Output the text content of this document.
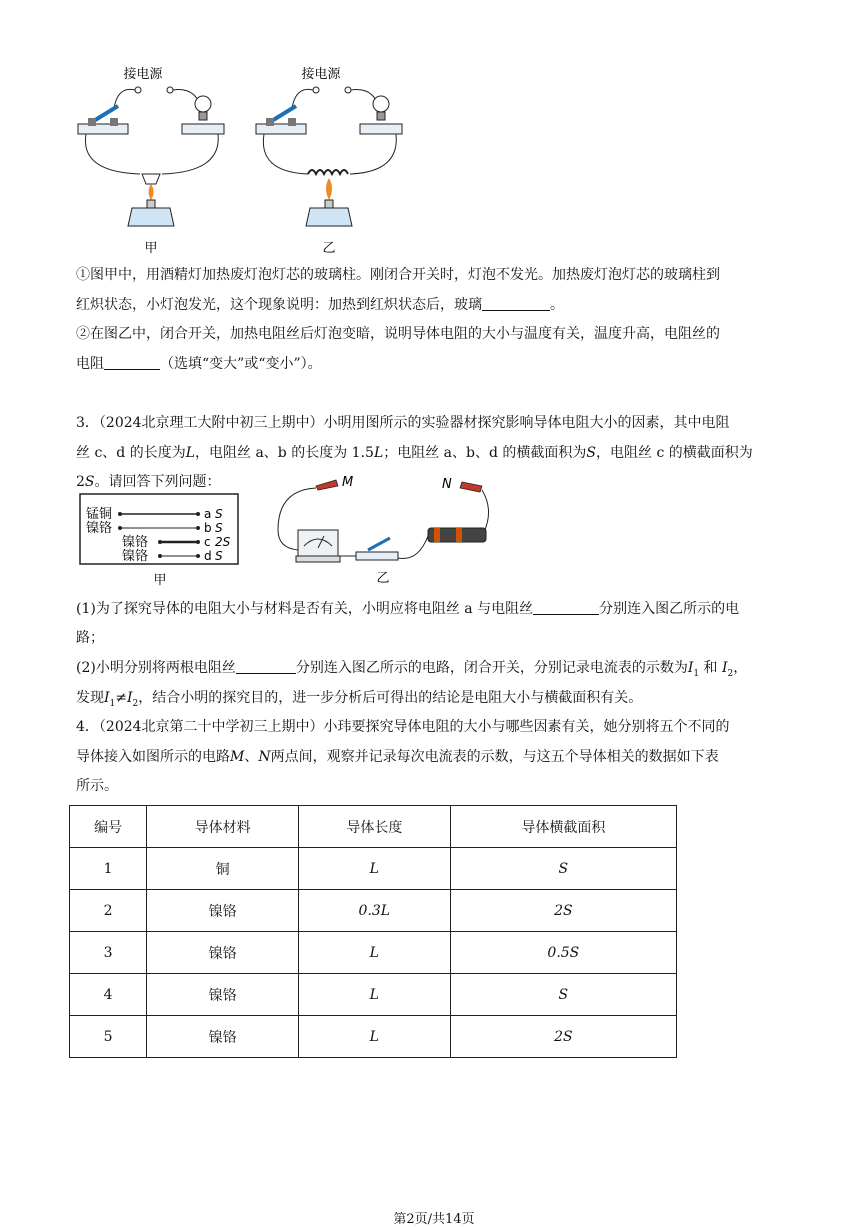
接电源
甲
接电源
乙
①图甲中，用酒精灯加热废灯泡灯芯的玻璃柱。刚闭合开关时，灯泡不发光。加热废灯泡灯芯的玻璃柱到
红炽状态，小灯泡发光，这个现象说明：加热到红炽状态后，玻璃	。
②在图乙中，闭合开关，加热电阻丝后灯泡变暗，说明导体电阻的大小与温度有关，温度升高，电阻丝的
电阻	（选填“变大”或“变小”）。
3．（2024北京理工大附中初三上期中）小明用图所示的实验器材探究影响导体电阻大小的因素，其中电阻
丝 c、d 的长度为L，电阻丝 a、b 的长度为 1.5L；电阻丝 a、b、d 的横截面积为S，电阻丝 c 的横截面积为
2S。请回答下列问题：
锰铜	a S
镍铬	b S
镍铬	c 2S
镍铬	d S
甲
M	N
乙
(1)为了探究导体的电阻大小与材料是否有关，小明应将电阻丝 a 与电阻丝	分别连入图乙所示的电
路；
(2)小明分别将两根电阻丝	分别连入图乙所示的电路，闭合开关，分别记录电流表的示数为$I_1$ 和 $I_2$，
发现$I_1\ne I_2$，结合小明的探究目的，进一步分析后可得出的结论是电阻大小与横截面积有关。
4．（2024北京第二十中学初三上期中）小玮要探究导体电阻的大小与哪些因素有关，她分别将五个不同的
导体接入如图所示的电路M、N两点间，观察并记录每次电流表的示数，与这五个导体相关的数据如下表
所示。
编号	导体材料	导体长度	导体横截面积
1	铜	L	S
2	镍铬	0.3L	2S
3	镍铬	L	0.5S
4	镍铬	L	S
5	镍铬	L	2S
第2页/共14页
